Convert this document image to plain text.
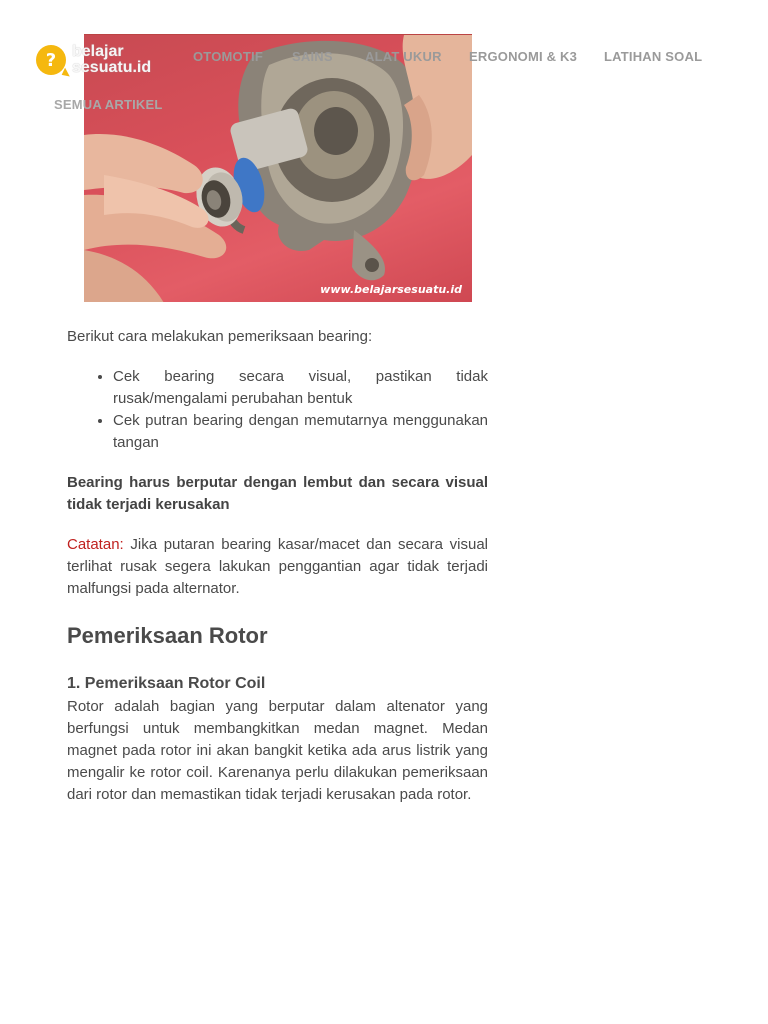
www.belajarsesuatu.id
? belajar
sesuatu.id
OTOMOTIF SAINS ALAT UKUR ERGONOMI & K3 LATIHAN SOAL
SEMUA ARTIKEL

Berikut cara melakukan pemeriksaan bearing:

• Cek bearing secara visual, pastikan tidak rusak/mengalami perubahan bentuk
• Cek putran bearing dengan memutarnya menggunakan tangan

Bearing harus berputar dengan lembut dan secara visual tidak terjadi kerusakan

Catatan: Jika putaran bearing kasar/macet dan secara visual terlihat rusak segera lakukan penggantian agar tidak terjadi malfungsi pada alternator.

Pemeriksaan Rotor
1. Pemeriksaan Rotor Coil

Rotor adalah bagian yang berputar dalam altenator yang berfungsi untuk membangkitkan medan magnet. Medan magnet pada rotor ini akan bangkit ketika ada arus listrik yang mengalir ke rotor coil. Karenanya perlu dilakukan pemeriksaan dari rotor dan memastikan tidak terjadi kerusakan pada rotor.
